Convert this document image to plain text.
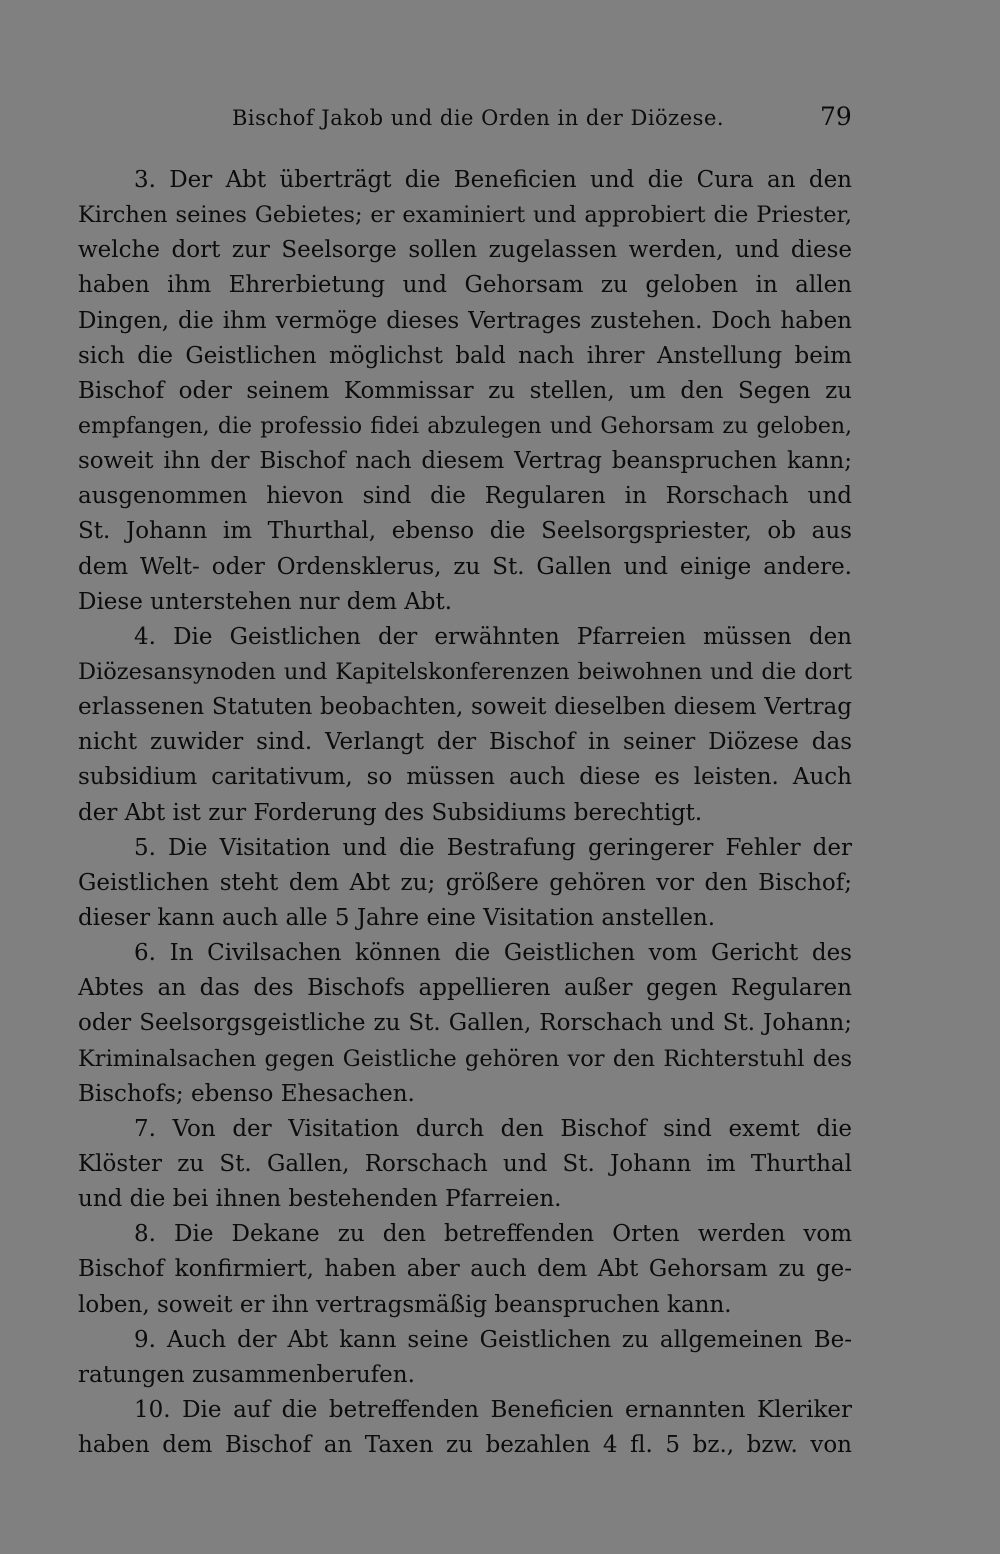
Bischof Jakob und die Orden in der Diözese.	79
3. Der Abt überträgt die Beneficien und die Cura an den
Kirchen seines Gebietes; er examiniert und approbiert die Priester,
welche dort zur Seelsorge sollen zugelassen werden, und diese
haben ihm Ehrerbietung und Gehorsam zu geloben in allen
Dingen, die ihm vermöge dieses Vertrages zustehen. Doch haben
sich die Geistlichen möglichst bald nach ihrer Anstellung beim
Bischof oder seinem Kommissar zu stellen, um den Segen zu
empfangen, die professio fidei abzulegen und Gehorsam zu geloben,
soweit ihn der Bischof nach diesem Vertrag beanspruchen kann;
ausgenommen hievon sind die Regularen in Rorschach und
St. Johann im Thurthal, ebenso die Seelsorgspriester, ob aus
dem Welt- oder Ordensklerus, zu St. Gallen und einige andere.
Diese unterstehen nur dem Abt.
4. Die Geistlichen der erwähnten Pfarreien müssen den
Diözesansynoden und Kapitelskonferenzen beiwohnen und die dort
erlassenen Statuten beobachten, soweit dieselben diesem Vertrag
nicht zuwider sind. Verlangt der Bischof in seiner Diözese das
subsidium caritativum, so müssen auch diese es leisten. Auch
der Abt ist zur Forderung des Subsidiums berechtigt.
5. Die Visitation und die Bestrafung geringerer Fehler der
Geistlichen steht dem Abt zu; größere gehören vor den Bischof;
dieser kann auch alle 5 Jahre eine Visitation anstellen.
6. In Civilsachen können die Geistlichen vom Gericht des
Abtes an das des Bischofs appellieren außer gegen Regularen
oder Seelsorgsgeistliche zu St. Gallen, Rorschach und St. Johann;
Kriminalsachen gegen Geistliche gehören vor den Richterstuhl des
Bischofs; ebenso Ehesachen.
7. Von der Visitation durch den Bischof sind exemt die
Klöster zu St. Gallen, Rorschach und St. Johann im Thurthal
und die bei ihnen bestehenden Pfarreien.
8. Die Dekane zu den betreffenden Orten werden vom
Bischof konfirmiert, haben aber auch dem Abt Gehorsam zu ge-
loben, soweit er ihn vertragsmäßig beanspruchen kann.
9. Auch der Abt kann seine Geistlichen zu allgemeinen Be-
ratungen zusammenberufen.
10. Die auf die betreffenden Beneficien ernannten Kleriker
haben dem Bischof an Taxen zu bezahlen 4 fl. 5 bz., bzw. von
